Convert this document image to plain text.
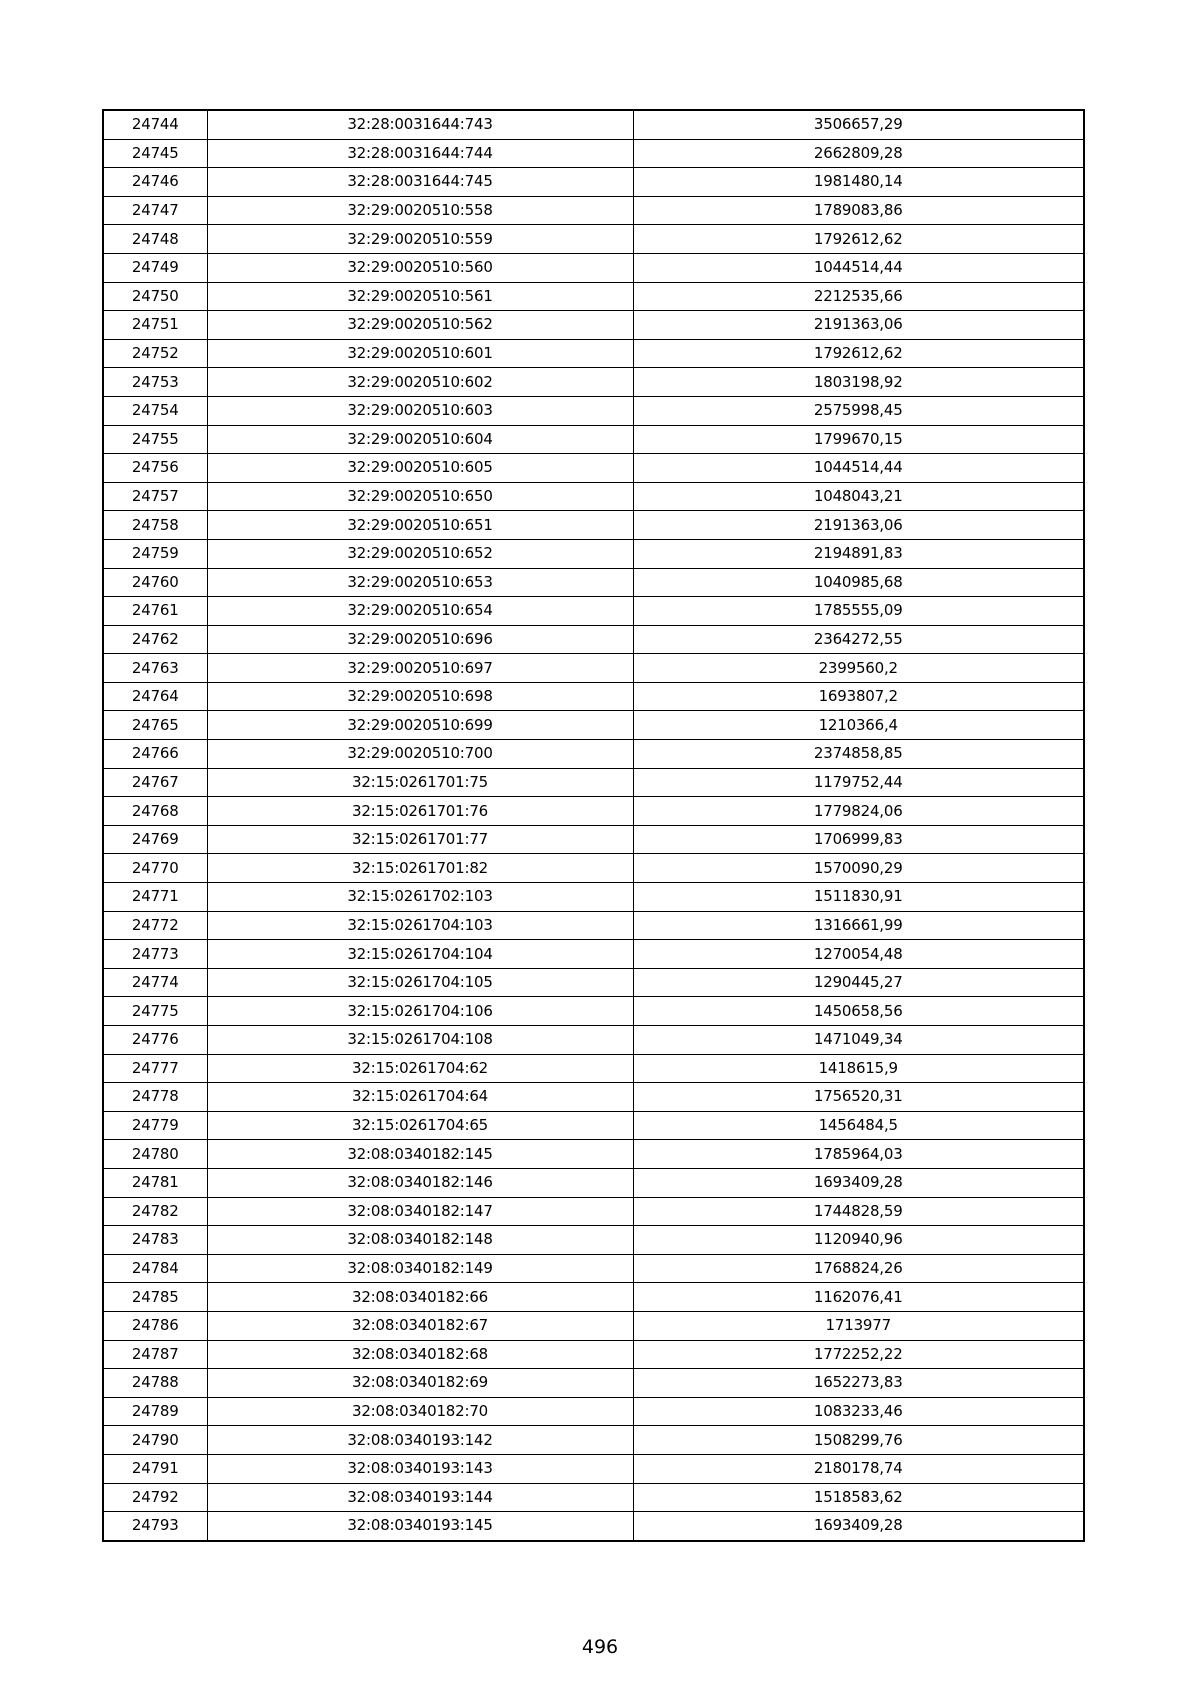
24744	32:28:0031644:743	3506657,29
24745	32:28:0031644:744	2662809,28
24746	32:28:0031644:745	1981480,14
24747	32:29:0020510:558	1789083,86
24748	32:29:0020510:559	1792612,62
24749	32:29:0020510:560	1044514,44
24750	32:29:0020510:561	2212535,66
24751	32:29:0020510:562	2191363,06
24752	32:29:0020510:601	1792612,62
24753	32:29:0020510:602	1803198,92
24754	32:29:0020510:603	2575998,45
24755	32:29:0020510:604	1799670,15
24756	32:29:0020510:605	1044514,44
24757	32:29:0020510:650	1048043,21
24758	32:29:0020510:651	2191363,06
24759	32:29:0020510:652	2194891,83
24760	32:29:0020510:653	1040985,68
24761	32:29:0020510:654	1785555,09
24762	32:29:0020510:696	2364272,55
24763	32:29:0020510:697	2399560,2
24764	32:29:0020510:698	1693807,2
24765	32:29:0020510:699	1210366,4
24766	32:29:0020510:700	2374858,85
24767	32:15:0261701:75	1179752,44
24768	32:15:0261701:76	1779824,06
24769	32:15:0261701:77	1706999,83
24770	32:15:0261701:82	1570090,29
24771	32:15:0261702:103	1511830,91
24772	32:15:0261704:103	1316661,99
24773	32:15:0261704:104	1270054,48
24774	32:15:0261704:105	1290445,27
24775	32:15:0261704:106	1450658,56
24776	32:15:0261704:108	1471049,34
24777	32:15:0261704:62	1418615,9
24778	32:15:0261704:64	1756520,31
24779	32:15:0261704:65	1456484,5
24780	32:08:0340182:145	1785964,03
24781	32:08:0340182:146	1693409,28
24782	32:08:0340182:147	1744828,59
24783	32:08:0340182:148	1120940,96
24784	32:08:0340182:149	1768824,26
24785	32:08:0340182:66	1162076,41
24786	32:08:0340182:67	1713977
24787	32:08:0340182:68	1772252,22
24788	32:08:0340182:69	1652273,83
24789	32:08:0340182:70	1083233,46
24790	32:08:0340193:142	1508299,76
24791	32:08:0340193:143	2180178,74
24792	32:08:0340193:144	1518583,62
24793	32:08:0340193:145	1693409,28
496
